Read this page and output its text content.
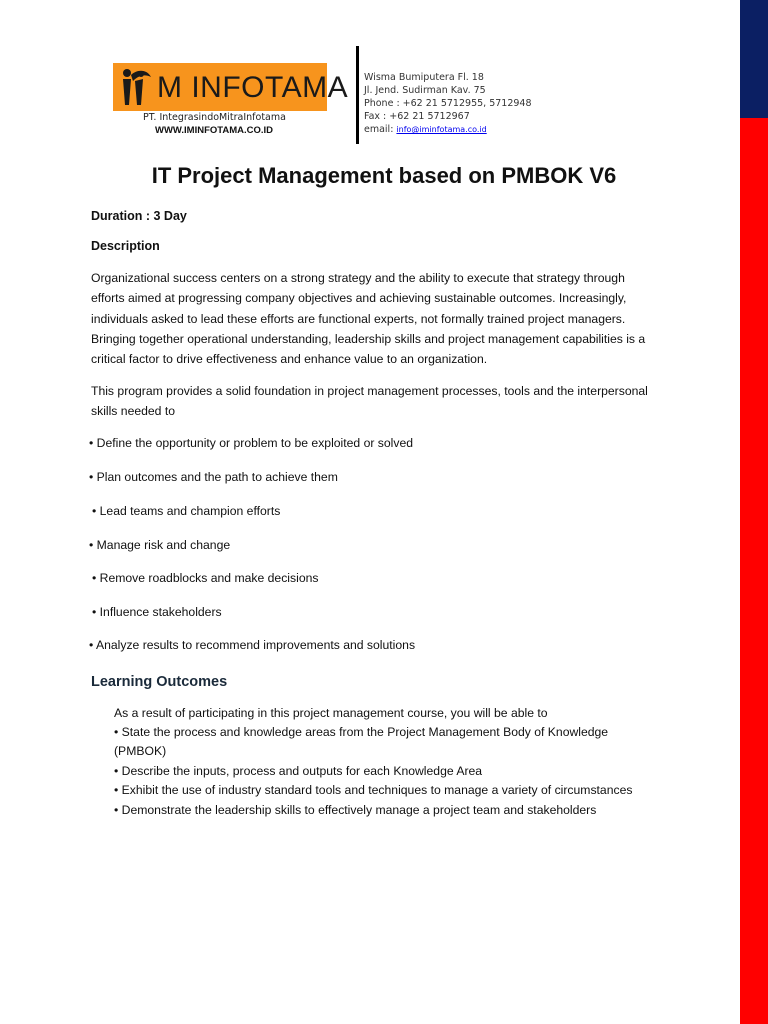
M INFOTAMA
PT. IntegrasindoMitraInfotama
WWW.IMINFOTAMA.CO.ID
Wisma Bumiputera Fl. 18
Jl. Jend. Sudirman Kav. 75
Phone : +62 21 5712955, 5712948
Fax : +62 21 5712967
email: info@iminfotama.co.id
IT Project Management based on PMBOK V6
Duration : 3 Day
Description
Organizational success centers on a strong strategy and the ability to execute that strategy through
efforts aimed at progressing company objectives and achieving sustainable outcomes. Increasingly,
individuals asked to lead these efforts are functional experts, not formally trained project managers.
Bringing together operational understanding, leadership skills and project management capabilities is a
critical factor to drive effectiveness and enhance value to an organization.
This program provides a solid foundation in project management processes, tools and the interpersonal
skills needed to
• Define the opportunity or problem to be exploited or solved
• Plan outcomes and the path to achieve them
• Lead teams and champion efforts
• Manage risk and change
• Remove roadblocks and make decisions
• Influence stakeholders
• Analyze results to recommend improvements and solutions
Learning Outcomes
As a result of participating in this project management course, you will be able to
• State the process and knowledge areas from the Project Management Body of Knowledge
(PMBOK)
• Describe the inputs, process and outputs for each Knowledge Area
• Exhibit the use of industry standard tools and techniques to manage a variety of circumstances
• Demonstrate the leadership skills to effectively manage a project team and stakeholders
